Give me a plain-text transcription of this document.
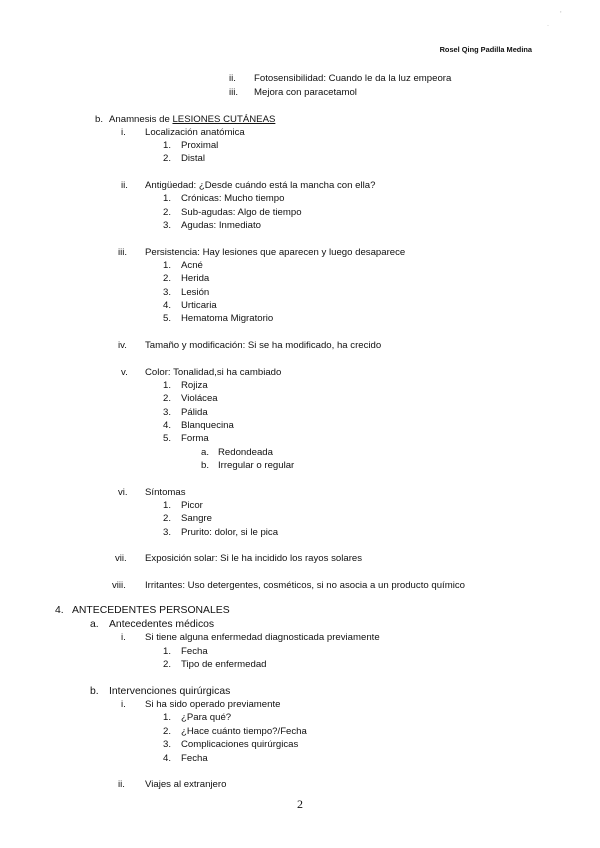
Rosel Qing Padilla Medina
,
·
ii. Fotosensibilidad: Cuando le da la luz empeora
iii. Mejora con paracetamol
b. Anamnesis de LESIONES CUTÁNEAS
i. Localización anatómica
1. Proximal
2. Distal
ii. Antigüedad: ¿Desde cuándo está la mancha con ella?
1. Crónicas: Mucho tiempo
2. Sub-agudas: Algo de tiempo
3. Agudas: Inmediato
iii. Persistencia: Hay lesiones que aparecen y luego desaparece
1. Acné
2. Herida
3. Lesión
4. Urticaria
5. Hematoma Migratorio
iv. Tamaño y modificación: Si se ha modificado, ha crecido
v. Color: Tonalidad,si ha cambiado
1. Rojiza
2. Violácea
3. Pálida
4. Blanquecina
5. Forma
a. Redondeada
b. Irregular o regular
vi. Síntomas
1. Picor
2. Sangre
3. Prurito: dolor, si le pica
vii. Exposición solar: Si le ha incidido los rayos solares
viii. Irritantes: Uso detergentes, cosméticos, si no asocia a un producto químico
4. ANTECEDENTES PERSONALES
a. Antecedentes médicos
i. Si tiene alguna enfermedad diagnosticada previamente
1. Fecha
2. Tipo de enfermedad
b. Intervenciones quirúrgicas
i. Si ha sido operado previamente
1. ¿Para qué?
2. ¿Hace cuánto tiempo?/Fecha
3. Complicaciones quirúrgicas
4. Fecha
ii. Viajes al extranjero
2
